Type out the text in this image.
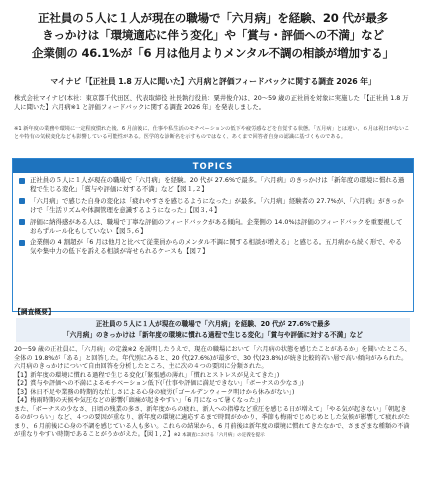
正社員の５人に１人が現在の職場で「六月病」を経験、20 代が最多
きっかけは「環境適応に伴う変化」や「賞与・評価への不満」など
企業側の 46.1%が「6 月は他月よりメンタル不調の相談が増加する」
マイナビ「【正社員 1.8 万人に聞いた】六月病と評価フィードバックに関する調査 2026 年」
株式会社マイナビ(本社：東京都千代田区、代表取締役 社長執行役員：粟井俊介)は、20～59 歳の正社員を対象に実施した「【正社員 1.8 万人に聞いた】六月病※1 と評価フィードバックに関する調査 2026 年」を発表しました。
※1 新年度の業務や環境に一定程度慣れた後、6 月前後に、仕事や私生活のモチベーションの低下や疲労感などを自覚する状態。「五月病」とは違い、６月は祝日がないことや特有の気候変化なども影響している可能性がある。医学的な診断名を示すものではなく、あくまで回答者自身の認識に基づくものである。
TOPICS
正社員の５人に１人が現在の職場で「六月病」を経験。20 代が 27.6%で最多。「六月病」のきっかけは「新年度の環境に慣れる過程で生じる変化」「賞与や評価に対する不満」など【図１,２】
「六月病」で感じた自身の変化は「疲れやすさを感じるようになった」が最多。「六月病」経験者の 27.7%が、「六月病」がきっかけで「生活リズムや体調管理を意識するようになった」【図３,４】
評価に納得感がある人は、職場で丁寧な評価のフィードバックがある傾向。企業側の 14.0%は評価のフィードバックを重要視しておらずルール化もしていない【図５,６】
企業側の 4 割超が「6 月は他月と比べて従業員からのメンタル不調に関する相談が増える」と感じる。五月病から続く形で、やる気や集中力の低下を訴える相談が寄せられるケースも【図７】
【調査概要】
正社員の５人に１人が現在の職場で「六月病」を経験、20 代が 27.6%で最多
「六月病」のきっかけは「新年度の環境に慣れる過程で生じる変化」「賞与や評価に対する不満」など

20～59 歳の正社員に、「六月病」の定義※2 を説明したうえで、現在の職場において「六月病の状態を感じたことがあるか」を聞いたところ、全体の 19.8%が「ある」と回答した。年代別にみると、20 代(27.6%)が最多で、30 代(23.8%)が続き比較的若い層で高い傾向がみられた。

六月病のきっかけについて自由回答を分析したところ、主に次の４つの要因に分類された。

【1】新年度の環境に慣れる過程で生じる変化(「緊張感の薄れ」「慣れとストレスが見えてきた」)

【2】賞与や評価への不満によるモチベーション低下(「仕事や評価に満足できない」「ボーナスの少なさ」)

【3】休日不足や業務の時期的な忙しさによる心身の疲労(「ゴールデンウィーク明けから休みがない」)

【4】梅雨時期の天候や気圧などの影響(「頭痛が起きやすい」「6 月になって暑くなった」)

また、「ボーナスの少なさ、日頃の残業の多さ、新年度からの疲れ、新人への指導など重圧を感じる日が増えて」「やる気が起きない」「朝起きるのがつらい」など、４つの要因が重なり、新年度の環境に適応するまで時間がかかり、季節も梅雨でじめじめとした気候が影響して疲れがたまり、６月前後に心身の不調を感じている人も多い。これらの結果から、6 月前後は新年度の環境に慣れてきたなかで、さまざまな種類の不満が重なりやすい時期であることがうかがえた。【図１,２】※2 本調査における「六月病」の定義を提示
